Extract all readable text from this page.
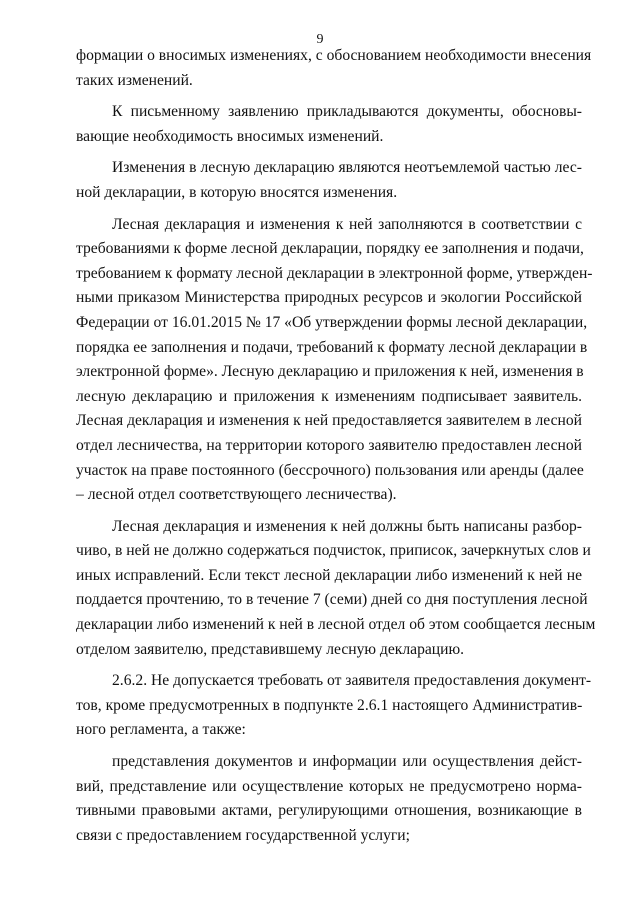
9
формации о вносимых изменениях, с обоснованием необходимости внесения
таких изменений.
К письменному заявлению прикладываются документы, обосновы-
вающие необходимость вносимых изменений.
Изменения в лесную декларацию являются неотъемлемой частью лес-
ной декларации, в которую вносятся изменения.
Лесная декларация и изменения к ней заполняются в соответствии с
требованиями к форме лесной декларации, порядку ее заполнения и подачи,
требованием к формату лесной декларации в электронной форме, утвержден-
ными приказом Министерства природных ресурсов и экологии Российской
Федерации от 16.01.2015 № 17 «Об утверждении формы лесной декларации,
порядка ее заполнения и подачи, требований к формату лесной декларации в
электронной форме». Лесную декларацию и приложения к ней, изменения в
лесную декларацию и приложения к изменениям подписывает заявитель.
Лесная декларация и изменения к ней предоставляется заявителем в лесной
отдел лесничества, на территории которого заявителю предоставлен лесной
участок на праве постоянного (бессрочного) пользования или аренды (далее
– лесной отдел соответствующего лесничества).
Лесная декларация и изменения к ней должны быть написаны разбор-
чиво, в ней не должно содержаться подчисток, приписок, зачеркнутых слов и
иных исправлений. Если текст лесной декларации либо изменений к ней не
поддается прочтению, то в течение 7 (семи) дней со дня поступления лесной
декларации либо изменений к ней в лесной отдел об этом сообщается лесным
отделом заявителю, представившему лесную декларацию.
2.6.2. Не допускается требовать от заявителя предоставления документ-
тов, кроме предусмотренных в подпункте 2.6.1 настоящего Административ-
ного регламента, а также:
представления документов и информации или осуществления дейст-
вий, представление или осуществление которых не предусмотрено норма-
тивными правовыми актами, регулирующими отношения, возникающие в
связи с предоставлением государственной услуги;
